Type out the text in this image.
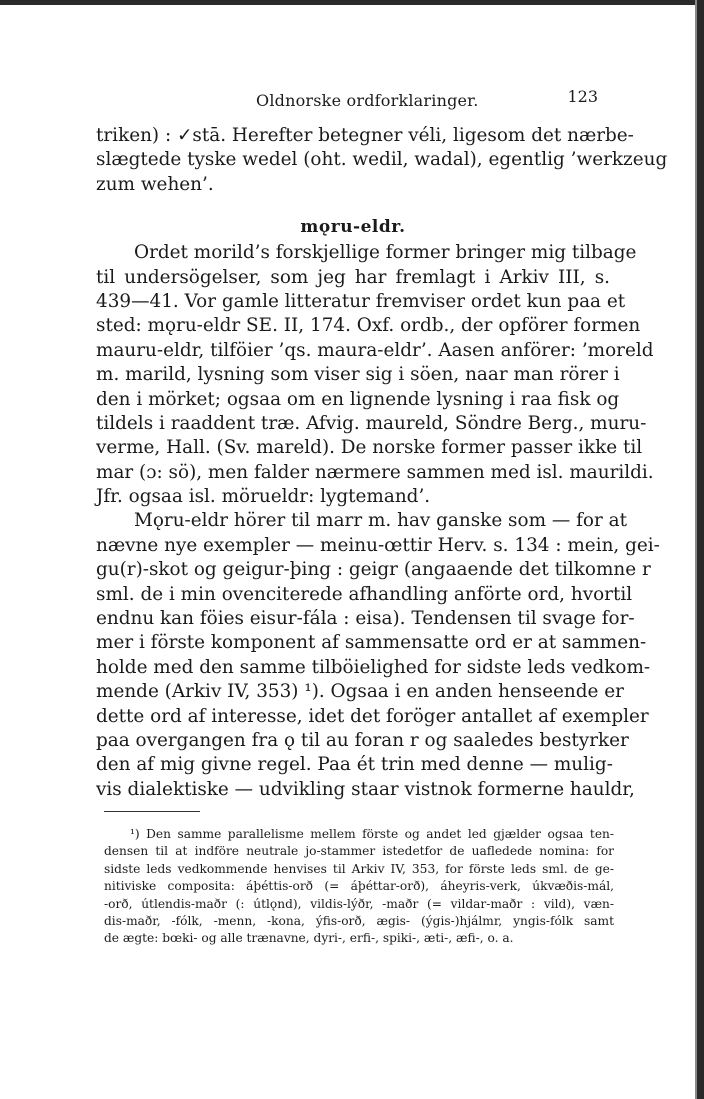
Oldnorske ordforklaringer.	123
triken) : ✓stā. Herefter betegner véli, ligesom det nærbe-
slægtede tyske wedel (oht. wedil, wadal), egentlig ’werkzeug
zum wehen’.
mǫru-eldr.
Ordet morild’s forskjellige former bringer mig tilbage
til undersögelser, som jeg har fremlagt i Arkiv III, s.
439—41. Vor gamle litteratur fremviser ordet kun paa et
sted: mǫru-eldr SE. II, 174. Oxf. ordb., der opförer formen
mauru-eldr, tilföier ’qs. maura-eldr’. Aasen anförer: ’moreld
m. marild, lysning som viser sig i söen, naar man rörer i
den i mörket; ogsaa om en lignende lysning i raa fisk og
tildels i raaddent træ. Afvig. maureld, Söndre Berg., muru-
verme, Hall. (Sv. mareld). De norske former passer ikke til
mar (ɔ: sö), men falder nærmere sammen med isl. maurildi.
Jfr. ogsaa isl. mörueldr: lygtemand’.
Mǫru-eldr hörer til marr m. hav ganske som — for at
nævne nye exempler — meinu-œttir Herv. s. 134 : mein, gei-
gu(r)-skot og geigur-þing : geigr (angaaende det tilkomne r
sml. de i min ovenciterede afhandling anförte ord, hvortil
endnu kan föies eisur-fála : eisa). Tendensen til svage for-
mer i förste komponent af sammensatte ord er at sammen-
holde med den samme tilböielighed for sidste leds vedkom-
mende (Arkiv IV, 353) ¹). Ogsaa i en anden henseende er
dette ord af interesse, idet det foröger antallet af exempler
paa overgangen fra ǫ til au foran r og saaledes bestyrker
den af mig givne regel. Paa ét trin med denne — mulig-
vis dialektiske — udvikling staar vistnok formerne hauldr,
¹) Den samme parallelisme mellem förste og andet led gjælder ogsaa ten-
densen til at indföre neutrale jo-stammer istedetfor de uafledede nomina: for
sidste leds vedkommende henvises til Arkiv IV, 353, for förste leds sml. de ge-
nitiviske composita: áþéttis-orð (= áþéttar-orð), áheyris-verk, úkvæðis-mál,
-orð, útlendis-maðr (: útlǫnd), vildis-lýðr, -maðr (= vildar-maðr : vild), væn-
dis-maðr, -fólk, -menn, -kona, ýfis-orð, ægis- (ýgis-)hjálmr, yngis-fólk samt
de ægte: bœki- og alle trænavne, dyri-, erfi-, spiki-, æti-, æfi-, o. a.
